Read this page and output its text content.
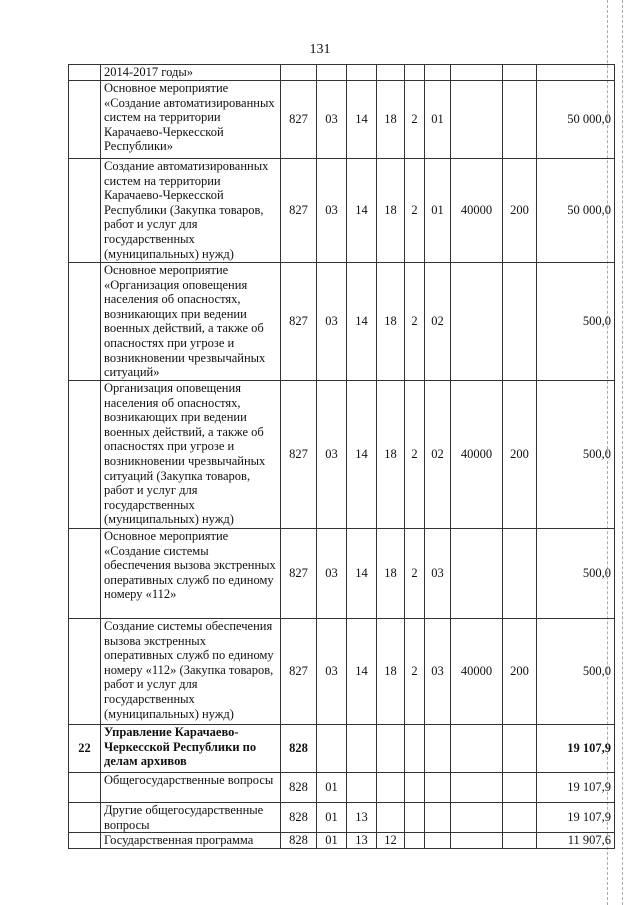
131
	2014-2017 годы»									
	Основное мероприятие «Создание автоматизированных систем на территории Карачаево-Черкесской Республики»	827	03	14	18	2	01			50 000,0
	Создание автоматизированных систем на территории Карачаево-Черкесской Республики (Закупка товаров, работ и услуг для государственных (муниципальных) нужд)	827	03	14	18	2	01	40000	200	50 000,0
	Основное мероприятие «Организация оповещения населения об опасностях, возникающих при ведении военных действий, а также об опасностях при угрозе и возникновении чрезвычайных ситуаций»	827	03	14	18	2	02			500,0
	Организация оповещения населения об опасностях, возникающих при ведении военных действий, а также об опасностях при угрозе и возникновении чрезвычайных ситуаций (Закупка товаров, работ и услуг для государственных (муниципальных) нужд)	827	03	14	18	2	02	40000	200	500,0
	Основное мероприятие «Создание системы обеспечения вызова экстренных оперативных служб по единому номеру «112»	827	03	14	18	2	03			500,0
	Создание системы обеспечения вызова экстренных оперативных служб по единому номеру «112» (Закупка товаров, работ и услуг для государственных (муниципальных) нужд)	827	03	14	18	2	03	40000	200	500,0
22	Управление Карачаево-Черкесской Республики по делам архивов	828								19 107,9
	Общегосударственные вопросы	828	01							19 107,9
	Другие общегосударственные вопросы	828	01	13						19 107,9
	Государственная программа	828	01	13	12					11 907,6
